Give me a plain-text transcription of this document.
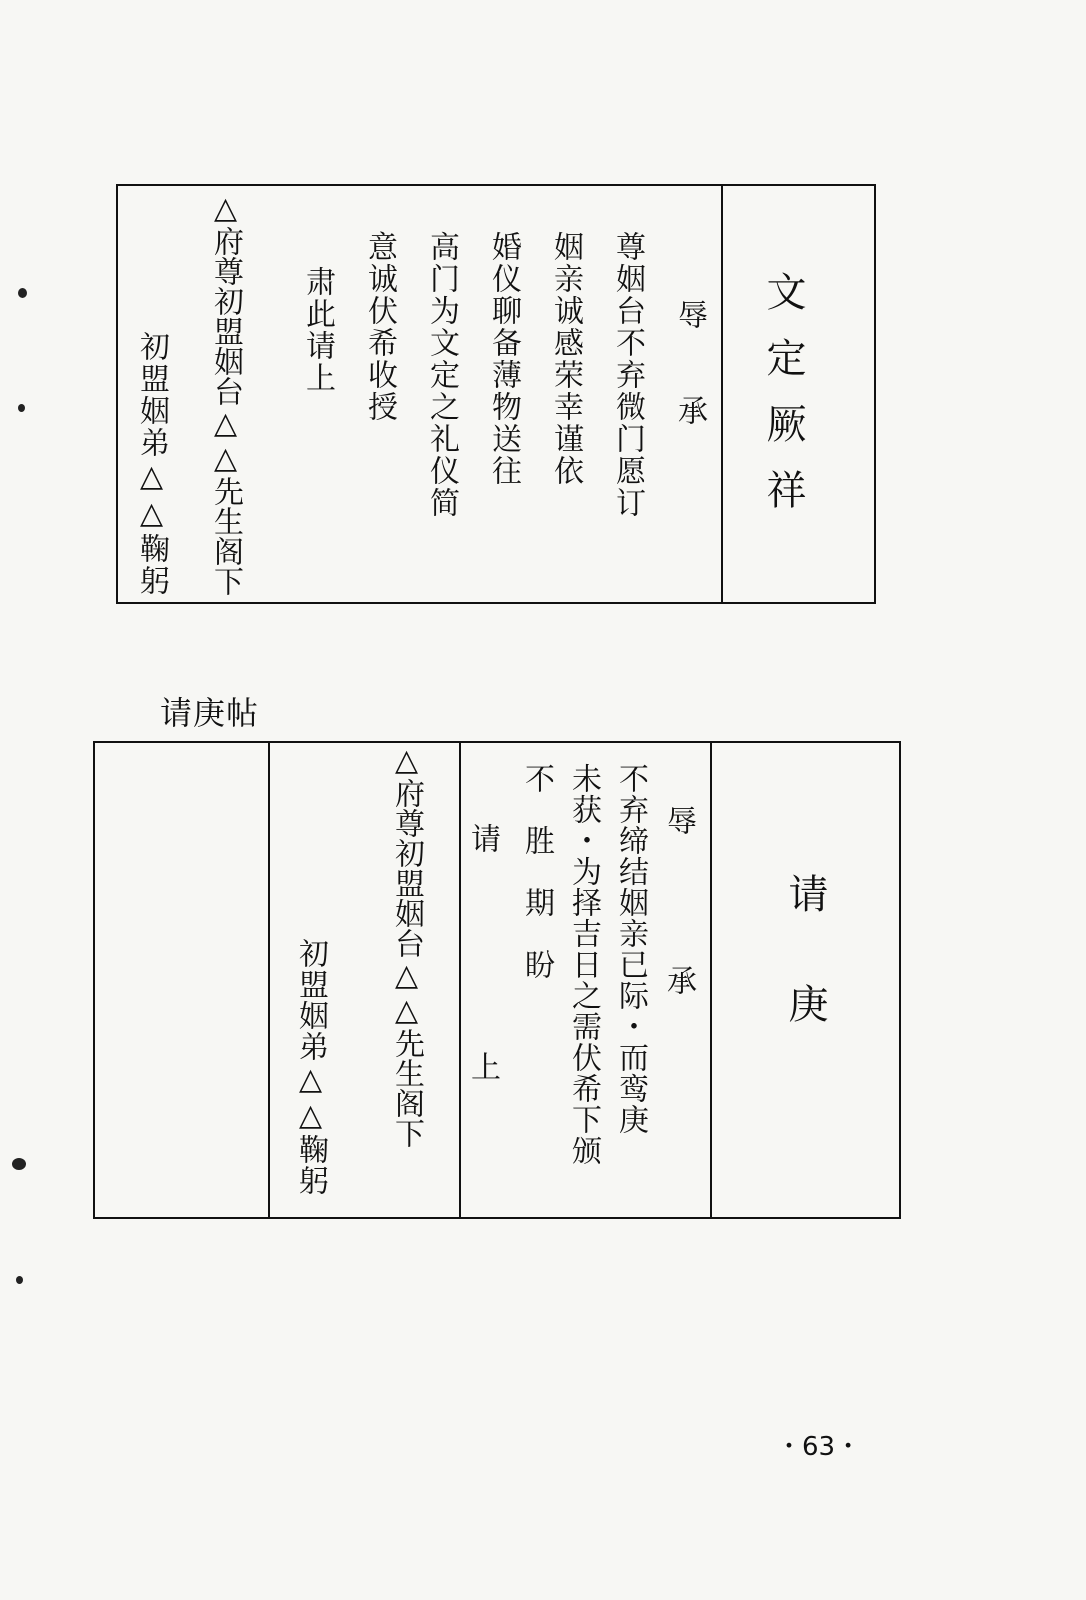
文定厥祥
辱　承
尊姻台不弃微门愿订
姻亲诚感荣幸谨依
婚仪聊备薄物送往
高门为文定之礼仪简
意诚伏希收授
肃此请上
△府尊初盟姻台△△先生阁下
初盟姻弟△△鞠躬
请庚帖
请庚
辱　　　承
不弃缔结姻亲已际・而鸾庚
未获・为择吉日之需伏希下颁
不胜期盼
请　上
△府尊初盟姻台△△先生阁下
初盟姻弟△△鞠躬
・63・
